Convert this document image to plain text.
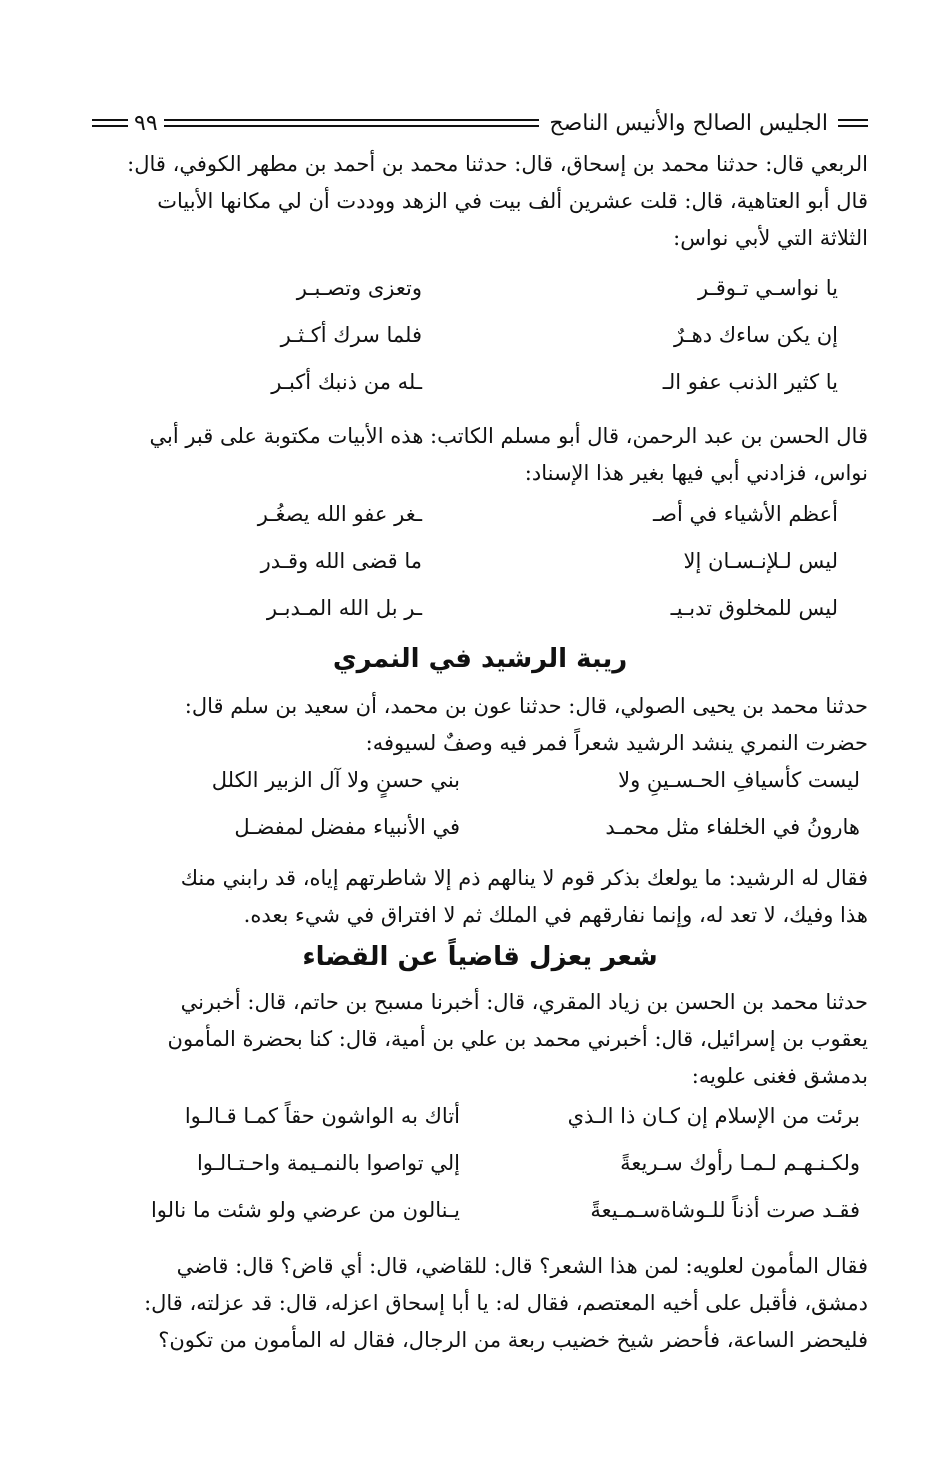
الجليس الصالح والأنيس الناصح
٩٩
الربعي قال: حدثنا محمد بن إسحاق، قال: حدثنا محمد بن أحمد بن مطهر الكوفي، قال:
قال أبو العتاهية، قال: قلت عشرين ألف بيت في الزهد ووددت أن لي مكانها الأبيات
الثلاثة التي لأبي نواس:
يا نواسـي تـوقـر
وتعزى وتصـبـر
إن يكن ساءك دهـرٌ
فلما سرك أكـثـر
يا كثير الذنب عفو الـ
ـله من ذنبك أكبـر
قال الحسن بن عبد الرحمن، قال أبو مسلم الكاتب: هذه الأبيات مكتوبة على قبر أبي
نواس، فزادني أبي فيها بغير هذا الإسناد:
أعظم الأشياء في أصـ
ـغر عفو الله يصغُـر
ليس لـلإنـسـان إلا
ما قضى الله وقـدر
ليس للمخلوق تدبـيـ
ـر بل الله المـدبـر
ريبة الرشيد في النمري
حدثنا محمد بن يحيى الصولي، قال: حدثنا عون بن محمد، أن سعيد بن سلم قال:
حضرت النمري ينشد الرشيد شعراً فمر فيه وصفٌ لسيوفه:
ليست كأسيافِ الحـسـينِ ولا
بني حسنٍ ولا آل الزبير الكلل
هارونُ في الخلفاء مثل محمـد
في الأنبياء مفضل لمفضـل
فقال له الرشيد: ما يولعك بذكر قوم لا ينالهم ذم إلا شاطرتهم إياه، قد رابني منك
هذا وفيك، لا تعد له، وإنما نفارقهم في الملك ثم لا افتراق في شيء بعده.
شعر يعزل قاضياً عن القضاء
حدثنا محمد بن الحسن بن زياد المقري، قال: أخبرنا مسبح بن حاتم، قال: أخبرني
يعقوب بن إسرائيل، قال: أخبرني محمد بن علي بن أمية، قال: كنا بحضرة المأمون
بدمشق فغنى علويه:
برئت من الإسلام إن كـان ذا الـذي
أتاك به الواشون حقاً كمـا قـالـوا
ولكـنـهـم لـمـا رأوك سـريعةً
إلي تواصوا بالنمـيمة واحـتـالـوا
فقـد صرت أذناً للـوشاةسـمـيعةً
يـنالون من عرضي ولو شئت ما نالوا
فقال المأمون لعلويه: لمن هذا الشعر؟ قال: للقاضي، قال: أي قاض؟ قال: قاضي
دمشق، فأقبل على أخيه المعتصم، فقال له: يا أبا إسحاق اعزله، قال: قد عزلته، قال:
فليحضر الساعة، فأحضر شيخ خضيب ربعة من الرجال، فقال له المأمون من تكون؟
